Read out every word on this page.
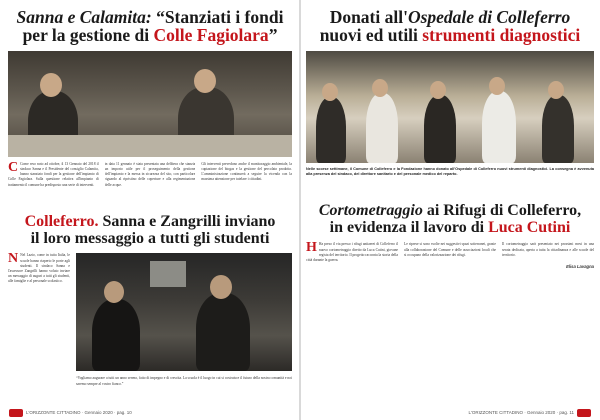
Sanna e Calamita: “Stanziati i fondi
per la gestione di Colle Fagiolara”
C Come reso noto ad ottobre, il 13 Gennaio del 2018 il sindaco Sanna e il Presidente del consiglio Calamita, hanno stanziato fondi per la gestione dell'impianto di Colle Fagiolara. Sulla questione relativa all'impianto di trattamento il comune ha predisposto una serie di interventi.
in data 11 gennaio è stata presentata una delibera che stanzia un importo utile per il proseguimento della gestione dell'impianto e la messa in sicurezza del sito, con particolare riguardo al ripristino delle coperture e alla regimentazione delle acque.
Gli interventi prevedono anche il monitoraggio ambientale, la captazione del biogas e la gestione del percolato prodotto. L'amministrazione continuerà a seguire la vicenda con la massima attenzione per tutelare i cittadini.
Colleferro. Sanna e Zangrilli inviano
il loro messaggio a tutti gli studenti
N Nel Lazio, come in tutta Italia, le scuole hanno riaperto le porte agli studenti. Il sindaco Sanna e l'assessore Zangrilli hanno voluto inviare un messaggio di auguri a tutti gli studenti, alle famiglie e al personale scolastico.
“Vogliamo augurare a tutti un anno sereno, fatto di impegno e di crescita. La scuola è il luogo in cui si costruisce il futuro della nostra comunità e noi saremo sempre al vostro fianco.”
L'ORIZZONTE CITTADINO · Gennaio 2020 · pag. 10
Donati all'Ospedale di Colleferro
nuovi ed utili strumenti diagnostici
Nelle scorse settimane, il Comune di Colleferro e la Fondazione hanno donato all'Ospedale di Colleferro nuovi strumenti diagnostici. La consegna è avvenuta alla presenza del sindaco, del direttore sanitario e del personale medico del reparto.
Cortometraggio ai Rifugi di Colleferro,
in evidenza il lavoro di Luca Cutini
H Ha preso il via presso i rifugi antiaerei di Colleferro il nuovo cortometraggio diretto da Luca Cutini, giovane regista del territorio. Il progetto racconta la storia della città durante la guerra.
Le riprese si sono svolte nei suggestivi spazi sotterranei, grazie alla collaborazione del Comune e delle associazioni locali che si occupano della valorizzazione dei rifugi.
Il cortometraggio sarà presentato nei prossimi mesi in una serata dedicata, aperta a tutta la cittadinanza e alle scuole del territorio.
Elisa Lavagna
L'ORIZZONTE CITTADINO · Gennaio 2020 · pag. 11
